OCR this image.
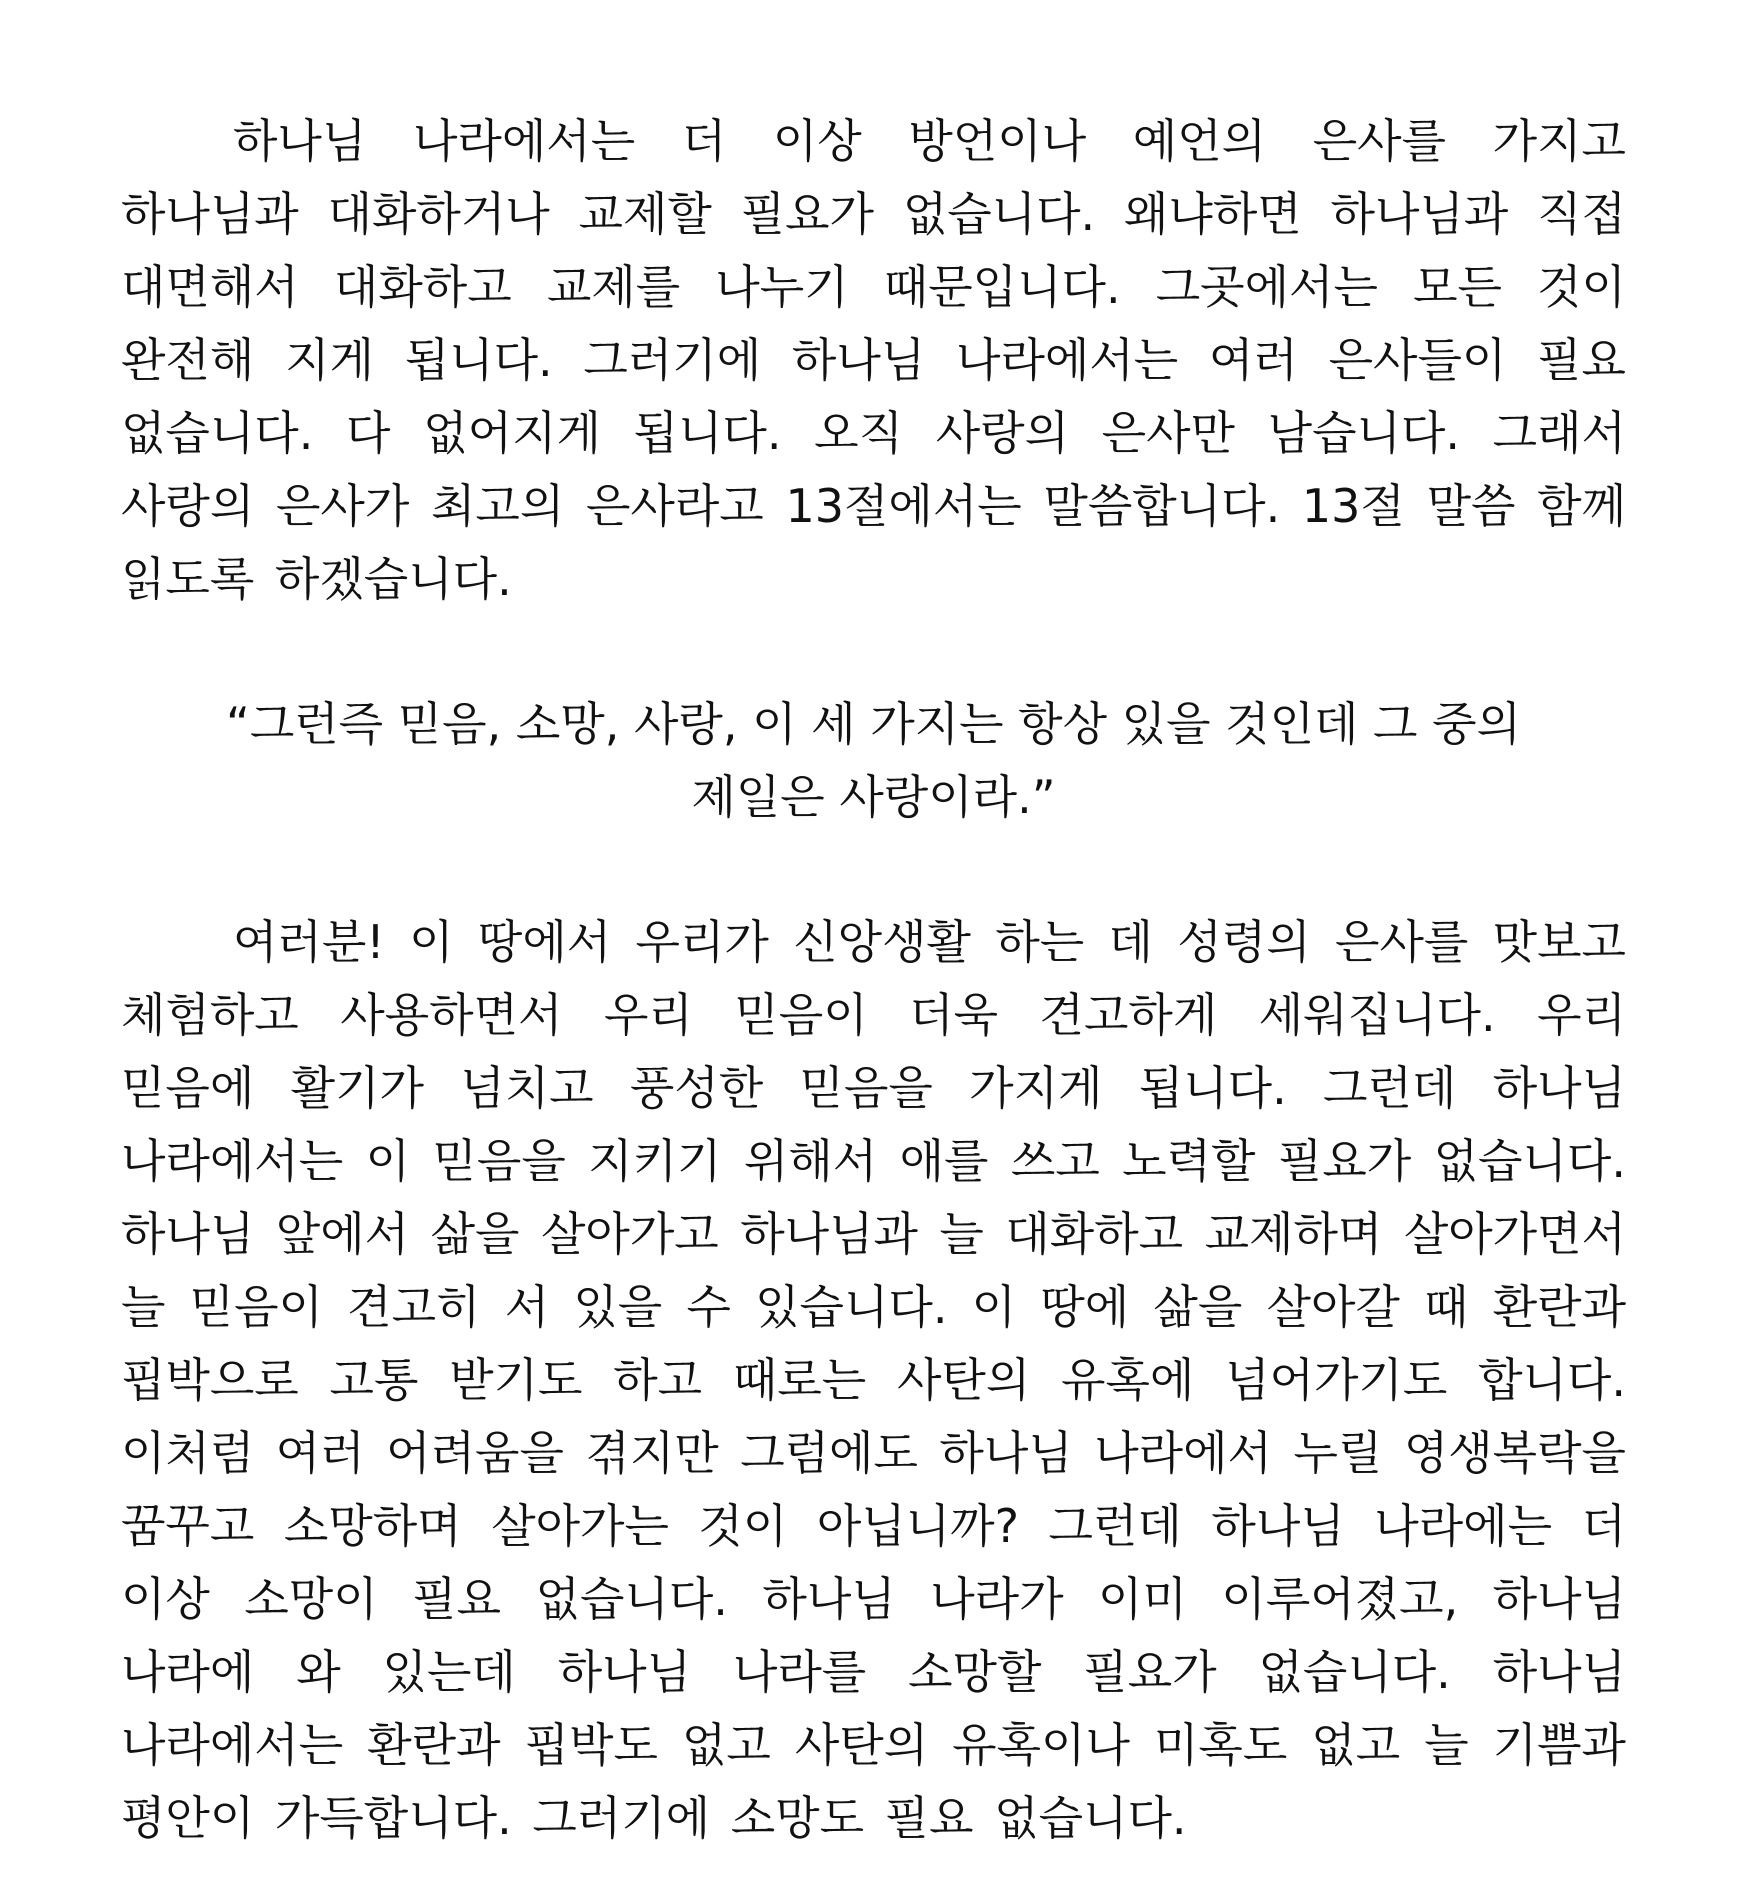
하나님 나라에서는 더 이상 방언이나 예언의 은사를 가지고 하나님과 대화하거나 교제할 필요가 없습니다. 왜냐하면 하나님과 직접 대면해서 대화하고 교제를 나누기 때문입니다. 그곳에서는 모든 것이 완전해 지게 됩니다. 그러기에 하나님 나라에서는 여러 은사들이 필요 없습니다. 다 없어지게 됩니다. 오직 사랑의 은사만 남습니다. 그래서 사랑의 은사가 최고의 은사라고 13절에서는 말씀합니다. 13절 말씀 함께 읽도록 하겠습니다.

“그런즉 믿음, 소망, 사랑, 이 세 가지는 항상 있을 것인데 그 중의 제일은 사랑이라.”

여러분! 이 땅에서 우리가 신앙생활 하는 데 성령의 은사를 맛보고 체험하고 사용하면서 우리 믿음이 더욱 견고하게 세워집니다. 우리 믿음에 활기가 넘치고 풍성한 믿음을 가지게 됩니다. 그런데 하나님 나라에서는 이 믿음을 지키기 위해서 애를 쓰고 노력할 필요가 없습니다. 하나님 앞에서 삶을 살아가고 하나님과 늘 대화하고 교제하며 살아가면서 늘 믿음이 견고히 서 있을 수 있습니다. 이 땅에 삶을 살아갈 때 환란과 핍박으로 고통 받기도 하고 때로는 사탄의 유혹에 넘어가기도 합니다. 이처럼 여러 어려움을 겪지만 그럼에도 하나님 나라에서 누릴 영생복락을 꿈꾸고 소망하며 살아가는 것이 아닙니까? 그런데 하나님 나라에는 더 이상 소망이 필요 없습니다. 하나님 나라가 이미 이루어졌고, 하나님 나라에 와 있는데 하나님 나라를 소망할 필요가 없습니다. 하나님 나라에서는 환란과 핍박도 없고 사탄의 유혹이나 미혹도 없고 늘 기쁨과 평안이 가득합니다. 그러기에 소망도 필요 없습니다.
